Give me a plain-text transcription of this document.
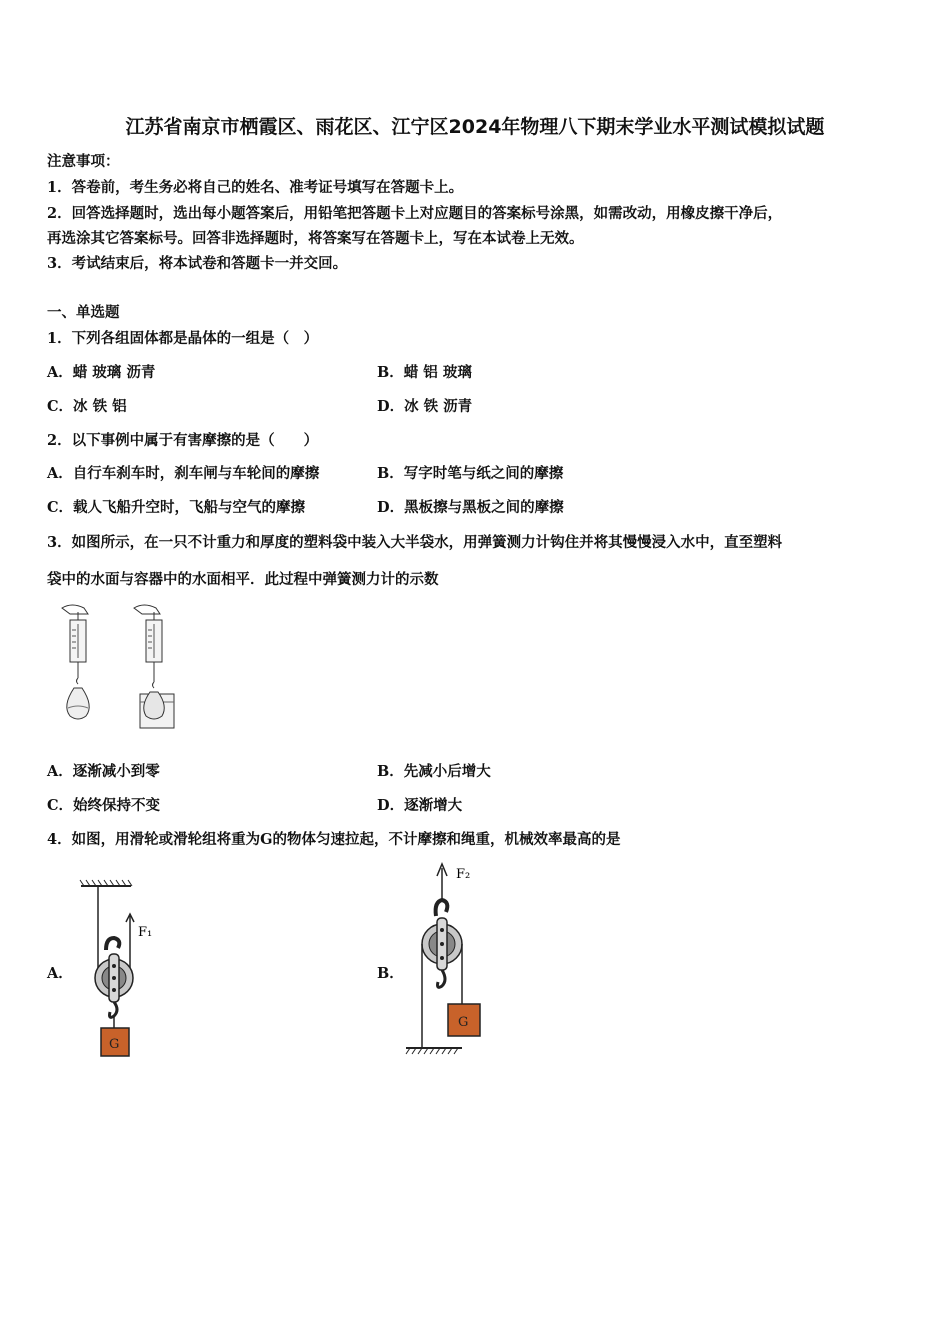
江苏省南京市栖霞区、雨花区、江宁区2024年物理八下期末学业水平测试模拟试题
注意事项：
1．答卷前，考生务必将自己的姓名、准考证号填写在答题卡上。
2．回答选择题时，选出每小题答案后，用铅笔把答题卡上对应题目的答案标号涂黑，如需改动，用橡皮擦干净后，
再选涂其它答案标号。回答非选择题时，将答案写在答题卡上，写在本试卷上无效。
3．考试结束后，将本试卷和答题卡一并交回。
一、单选题
1．下列各组固体都是晶体的一组是（　）
A．蜡 玻璃 沥青	B．蜡 铝 玻璃
C．冰 铁 铝	D．冰 铁 沥青
2．以下事例中属于有害摩擦的是（　　）
A．自行车刹车时，刹车闸与车轮间的摩擦	B．写字时笔与纸之间的摩擦
C．载人飞船升空时，飞船与空气的摩擦	D．黑板擦与黑板之间的摩擦
3．如图所示，在一只不计重力和厚度的塑料袋中装入大半袋水，用弹簧测力计钩住并将其慢慢浸入水中，直至塑料
袋中的水面与容器中的水面相平．此过程中弹簧测力计的示数
A．逐渐减小到零	B．先减小后增大
C．始终保持不变	D．逐渐增大
4．如图，用滑轮或滑轮组将重为G的物体匀速拉起，不计摩擦和绳重，机械效率最高的是
A．
F₁
G
B．
F₂
G
